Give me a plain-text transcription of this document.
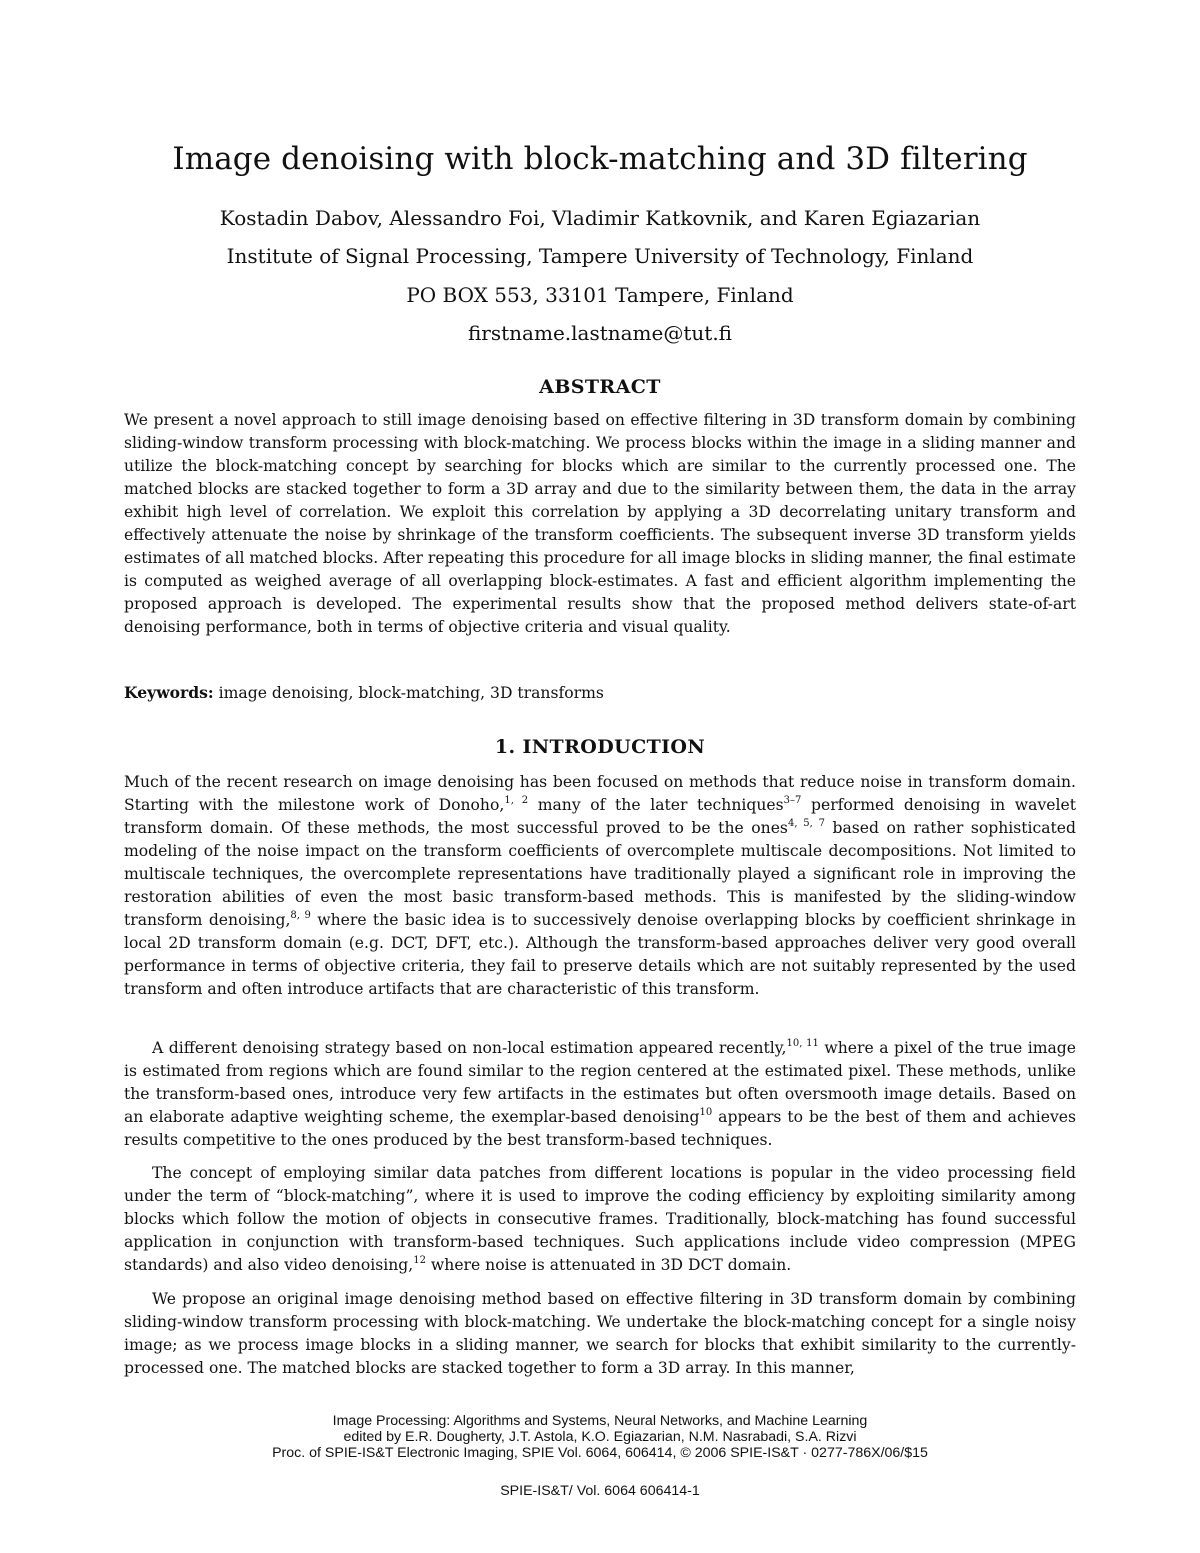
Image denoising with block-matching and 3D filtering
Kostadin Dabov, Alessandro Foi, Vladimir Katkovnik, and Karen Egiazarian
Institute of Signal Processing, Tampere University of Technology, Finland
PO BOX 553, 33101 Tampere, Finland
firstname.lastname@tut.fi
ABSTRACT

We present a novel approach to still image denoising based on effective filtering in 3D transform domain by combining sliding-window transform processing with block-matching. We process blocks within the image in a sliding manner and utilize the block-matching concept by searching for blocks which are similar to the currently processed one. The matched blocks are stacked together to form a 3D array and due to the similarity between them, the data in the array exhibit high level of correlation. We exploit this correlation by applying a 3D decorrelating unitary transform and effectively attenuate the noise by shrinkage of the transform coefficients. The subsequent inverse 3D transform yields estimates of all matched blocks. After repeating this procedure for all image blocks in sliding manner, the final estimate is computed as weighed average of all overlapping block-estimates. A fast and efficient algorithm implementing the proposed approach is developed. The experimental results show that the proposed method delivers state-of-art denoising performance, both in terms of objective criteria and visual quality.

Keywords: image denoising, block-matching, 3D transforms

1. INTRODUCTION

Much of the recent research on image denoising has been focused on methods that reduce noise in transform domain. Starting with the milestone work of Donoho,$^{1, 2}$ many of the later techniques$^{3-7}$ performed denoising in wavelet transform domain. Of these methods, the most successful proved to be the ones$^{4, 5, 7}$ based on rather sophisticated modeling of the noise impact on the transform coefficients of overcomplete multiscale decompositions. Not limited to multiscale techniques, the overcomplete representations have traditionally played a significant role in improving the restoration abilities of even the most basic transform-based methods. This is manifested by the sliding-window transform denoising,$^{8, 9}$ where the basic idea is to successively denoise overlapping blocks by coefficient shrinkage in local 2D transform domain (e.g. DCT, DFT, etc.). Although the transform-based approaches deliver very good overall performance in terms of objective criteria, they fail to preserve details which are not suitably represented by the used transform and often introduce artifacts that are characteristic of this transform.

A different denoising strategy based on non-local estimation appeared recently,$^{10, 11}$ where a pixel of the true image is estimated from regions which are found similar to the region centered at the estimated pixel. These methods, unlike the transform-based ones, introduce very few artifacts in the estimates but often oversmooth image details. Based on an elaborate adaptive weighting scheme, the exemplar-based denoising$^{10}$ appears to be the best of them and achieves results competitive to the ones produced by the best transform-based techniques.

The concept of employing similar data patches from different locations is popular in the video processing field under the term of “block-matching”, where it is used to improve the coding efficiency by exploiting similarity among blocks which follow the motion of objects in consecutive frames. Traditionally, block-matching has found successful application in conjunction with transform-based techniques. Such applications include video compression (MPEG standards) and also video denoising,$^{12}$ where noise is attenuated in 3D DCT domain.

We propose an original image denoising method based on effective filtering in 3D transform domain by combining sliding-window transform processing with block-matching. We undertake the block-matching concept for a single noisy image; as we process image blocks in a sliding manner, we search for blocks that exhibit similarity to the currently-processed one. The matched blocks are stacked together to form a 3D array. In this manner,

Image Processing: Algorithms and Systems, Neural Networks, and Machine Learning
edited by E.R. Dougherty, J.T. Astola, K.O. Egiazarian, N.M. Nasrabadi, S.A. Rizvi
Proc. of SPIE-IS&T Electronic Imaging, SPIE Vol. 6064, 606414, © 2006 SPIE-IS&T · 0277-786X/06/$15
SPIE-IS&T/ Vol. 6064 606414-1
